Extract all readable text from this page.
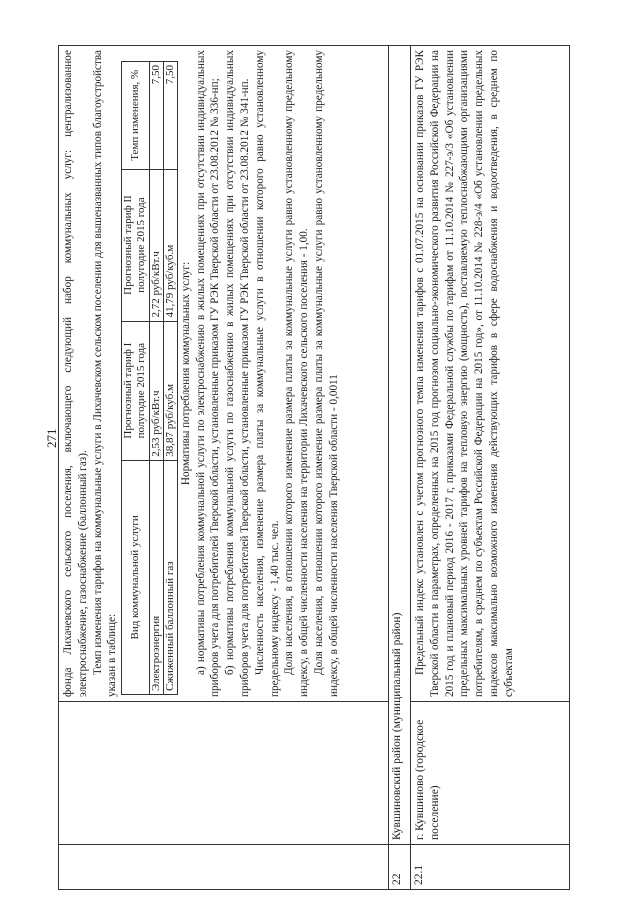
271
		фонда Лихачевского сельского поселения, включающего следующий набор коммунальных услуг: централизованное электроснабжение, газоснабжение (баллонный газ). Темп изменения тарифов на коммунальные услуги в Лихачевском сельском поселении для вышеназванных типов благоустройства указан в таблице:

Вид коммунальной услуги	Прогнозный тариф I полугодие 2015 года	Прогнозный тариф II полугодие 2015 года	Темп изменения, %
Электроэнергия	2,53 руб/кВт.ч	2,72 руб/кВт.ч	7,50
Сжиженный баллонный газ	38,87 руб/куб.м	41,79 руб/куб.м	7,50

Нормативы потребления коммунальных услуг: а) нормативы потребления коммунальной услуги по электроснабжению в жилых помещениях при отсутствии индивидуальных приборов учета для потребителей Тверской области, установленные приказом ГУ РЭК Тверской области от 23.08.2012 № 336-нп; б) нормативы потребления коммунальной услуги по газоснабжению в жилых помещениях при отсутствии индивидуальных приборов учета для потребителей Тверской области, установленные приказом ГУ РЭК Тверской области от 23.08.2012 № 341-нп. Численность населения, изменение размера платы за коммунальные услуги в отношении которого равно установленному предельному индексу - 1,40 тыс. чел. Доля населения, в отношении которого изменение размера платы за коммунальные услуги равно установленному предельному индексу, в общей численности населения на территории Лихачевского сельского поселения - 1,00. Доля населения, в отношении которого изменение размера платы за коммунальные услуги равно установленному предельному индексу, в общей численности населения Тверской области - 0,0011

22	Кувшиновский район (муниципальный район)
22.1	г. Кувшиново (городское поселение)	

Предельный индекс установлен с учетом прогнозного темпа изменения тарифов с 01.07.2015 на основании приказов ГУ РЭК Тверской области в параметрах, определенных на 2015 год прогнозом социально-экономического развития Российской Федерации на 2015 год и плановый период 2016 - 2017 г, приказами Федеральной службы по тарифам от 11.10.2014 № 227-э/3 «Об установлении предельных максимальных уровней тарифов на тепловую энергию (мощность), поставляемую теплоснабжающими организациями потребителям, в среднем по субъектам Российской Федерации на 2015 год», от 11.10.2014 № 228-э/4 «Об установлении предельных индексов максимально возможного изменения действующих тарифов в сфере водоснабжения и водоотведения, в среднем по субъектам
